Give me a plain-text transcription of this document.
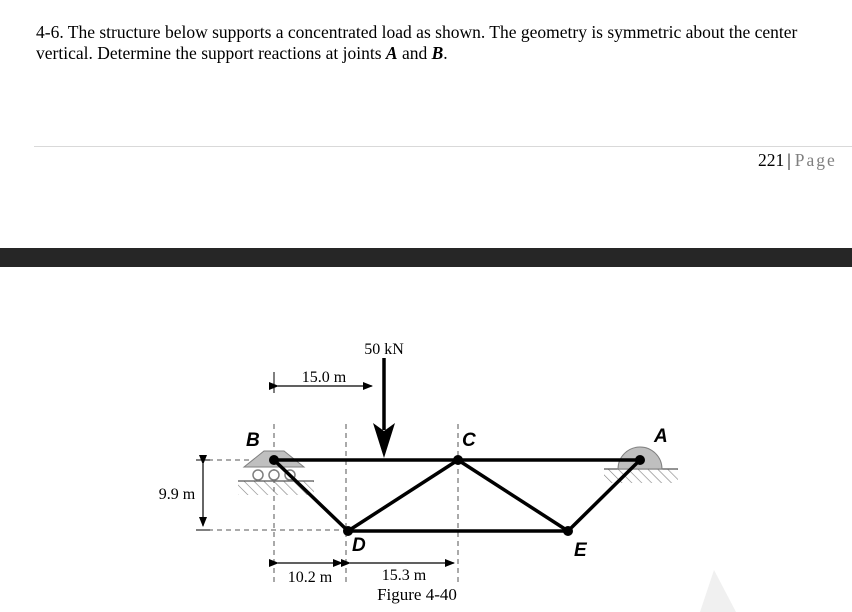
4-6. The structure below supports a concentrated load as shown. The geometry is symmetric about the center vertical. Determine the support reactions at joints A and B.
221 | Page
15.0 m
50 kN
9.9 m
B	C	A
D	E
10.2 m	15.3 m
Figure 4-40
